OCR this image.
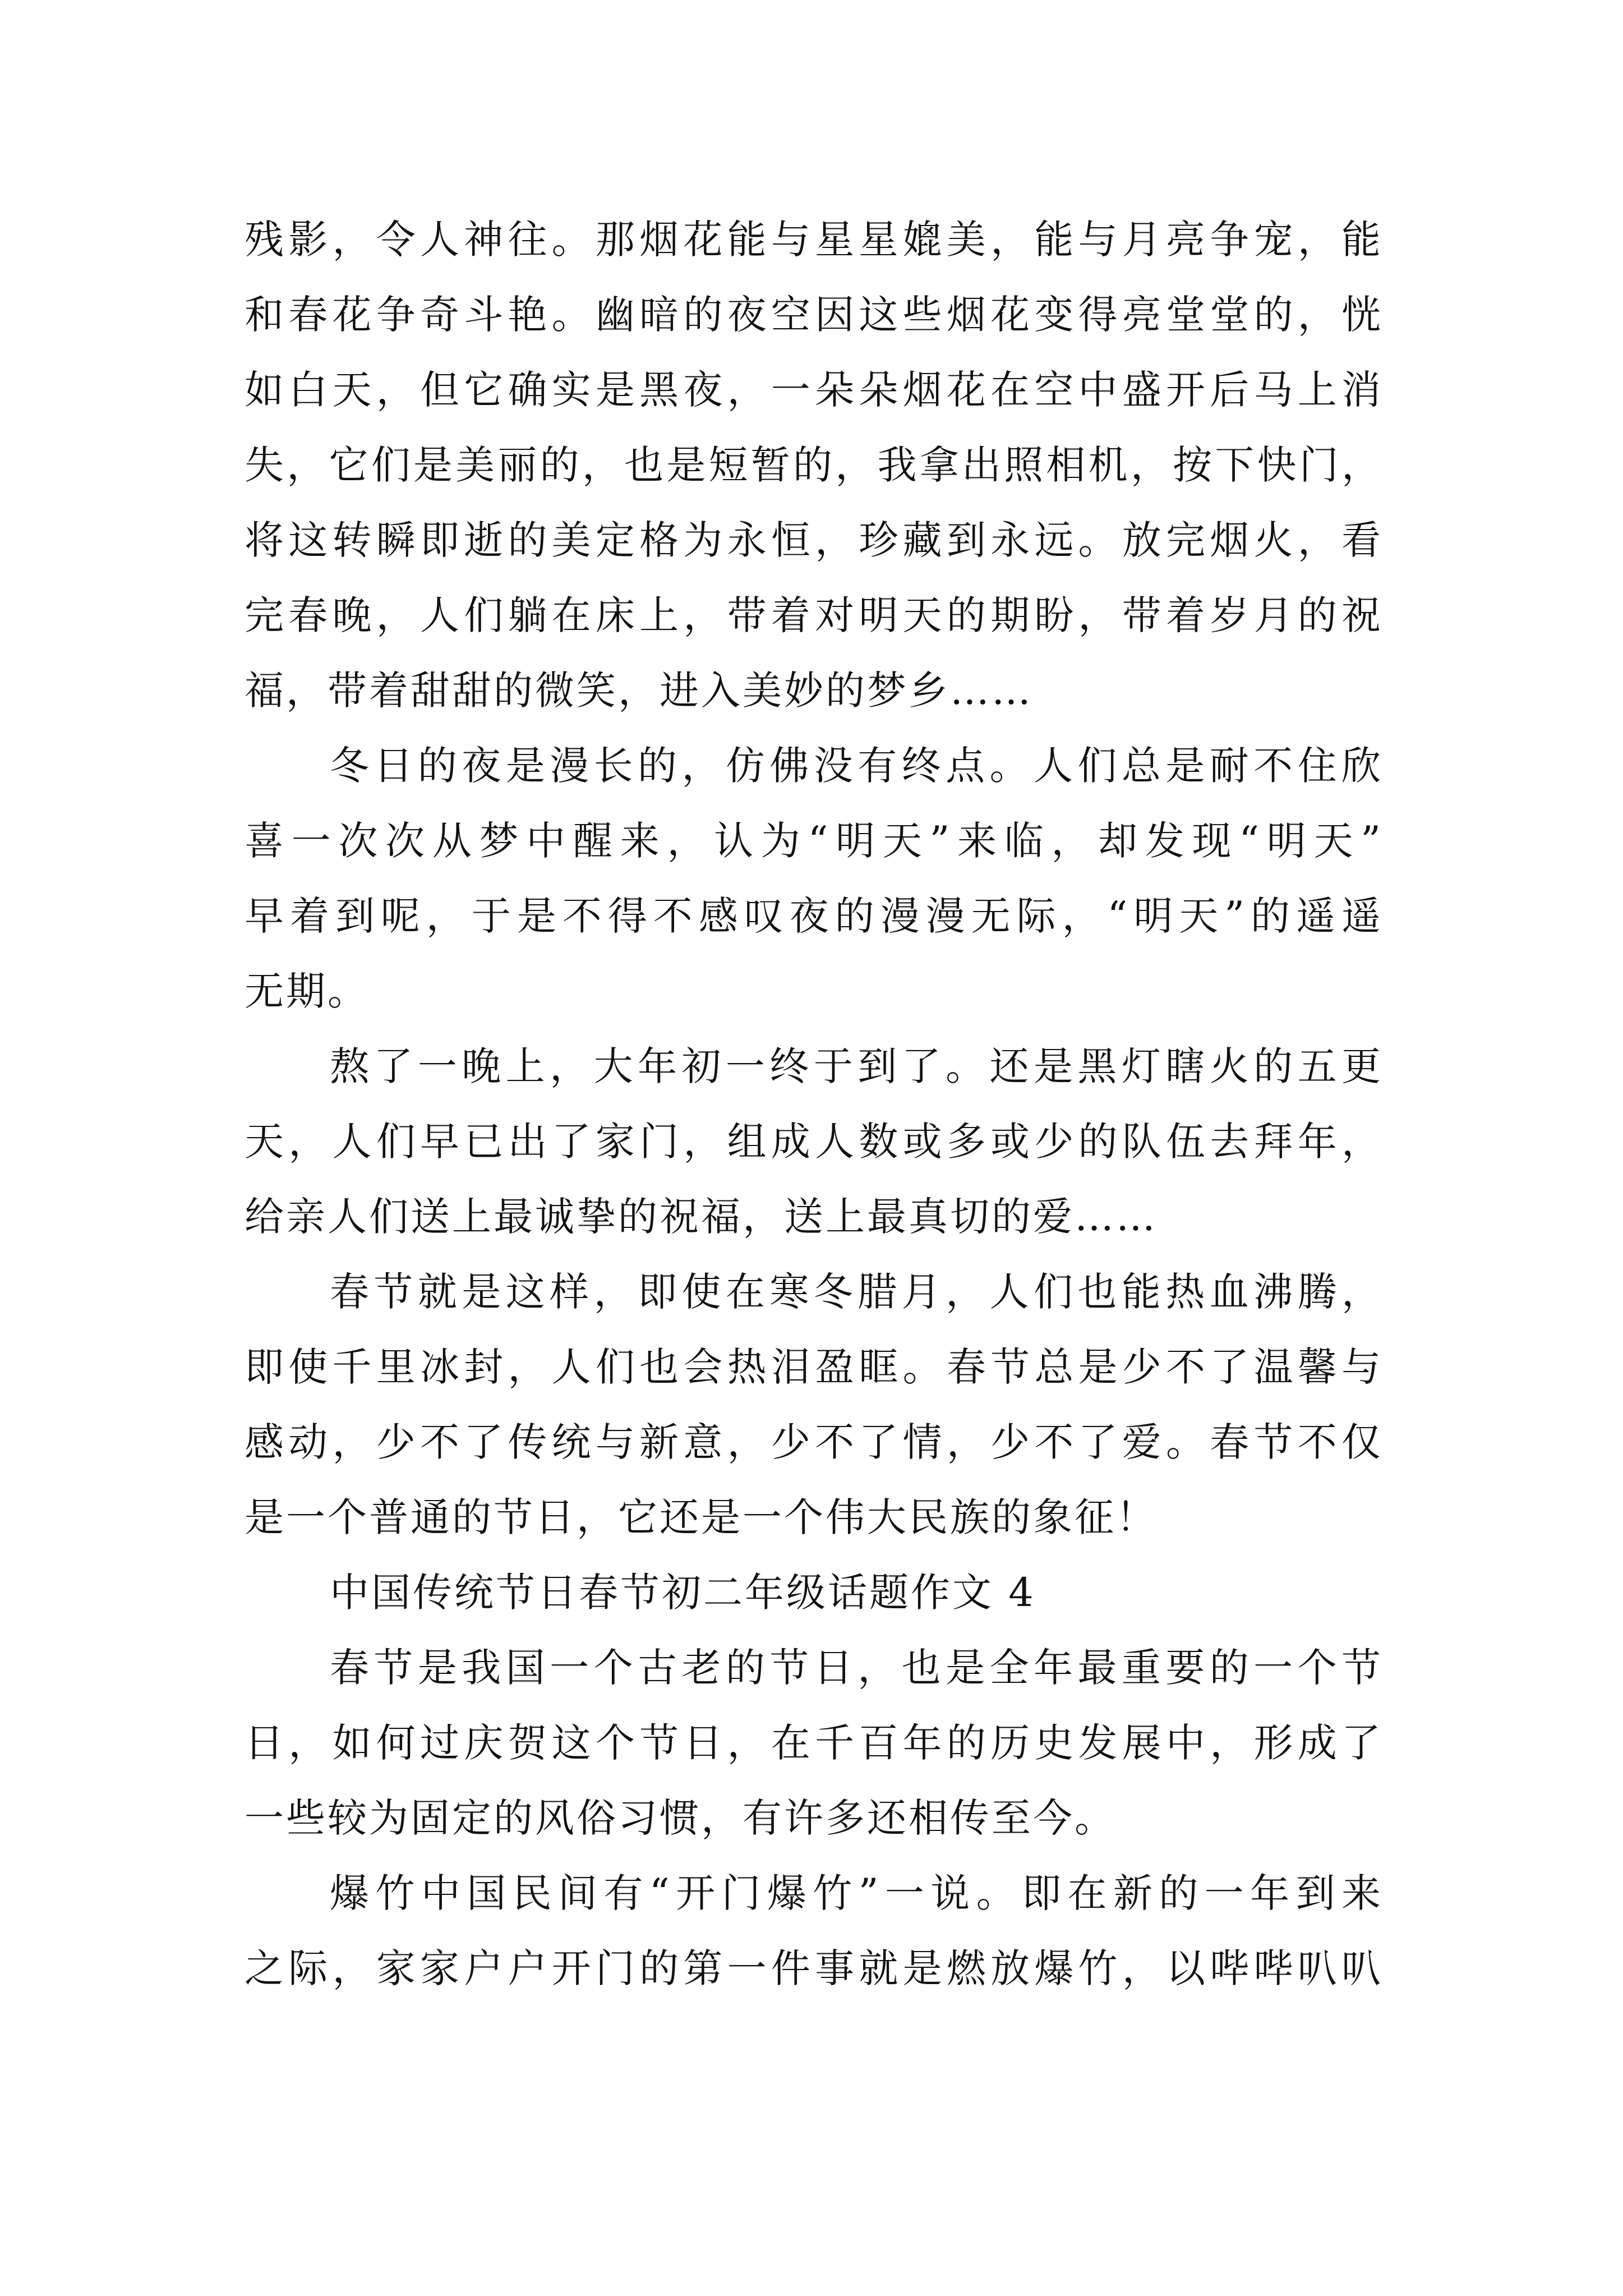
残影，令人神往。那烟花能与星星媲美，能与月亮争宠，能
和春花争奇斗艳。幽暗的夜空因这些烟花变得亮堂堂的，恍
如白天，但它确实是黑夜，一朵朵烟花在空中盛开后马上消
失，它们是美丽的，也是短暂的，我拿出照相机，按下快门，
将这转瞬即逝的美定格为永恒，珍藏到永远。放完烟火，看
完春晚，人们躺在床上，带着对明天的期盼，带着岁月的祝
福，带着甜甜的微笑，进入美妙的梦乡……

冬日的夜是漫长的，仿佛没有终点。人们总是耐不住欣
喜一次次从梦中醒来，认为“明天”来临，却发现“明天”
早着到呢，于是不得不感叹夜的漫漫无际，“明天”的遥遥
无期。

熬了一晚上，大年初一终于到了。还是黑灯瞎火的五更
天，人们早已出了家门，组成人数或多或少的队伍去拜年，
给亲人们送上最诚挚的祝福，送上最真切的爱……

春节就是这样，即使在寒冬腊月，人们也能热血沸腾，
即使千里冰封，人们也会热泪盈眶。春节总是少不了温馨与
感动，少不了传统与新意，少不了情，少不了爱。春节不仅
是一个普通的节日，它还是一个伟大民族的象征！

中国传统节日春节初二年级话题作文 4

春节是我国一个古老的节日，也是全年最重要的一个节
日，如何过庆贺这个节日，在千百年的历史发展中，形成了
一些较为固定的风俗习惯，有许多还相传至今。

爆竹中国民间有“开门爆竹”一说。即在新的一年到来
之际，家家户户开门的第一件事就是燃放爆竹，以哔哔叭叭
